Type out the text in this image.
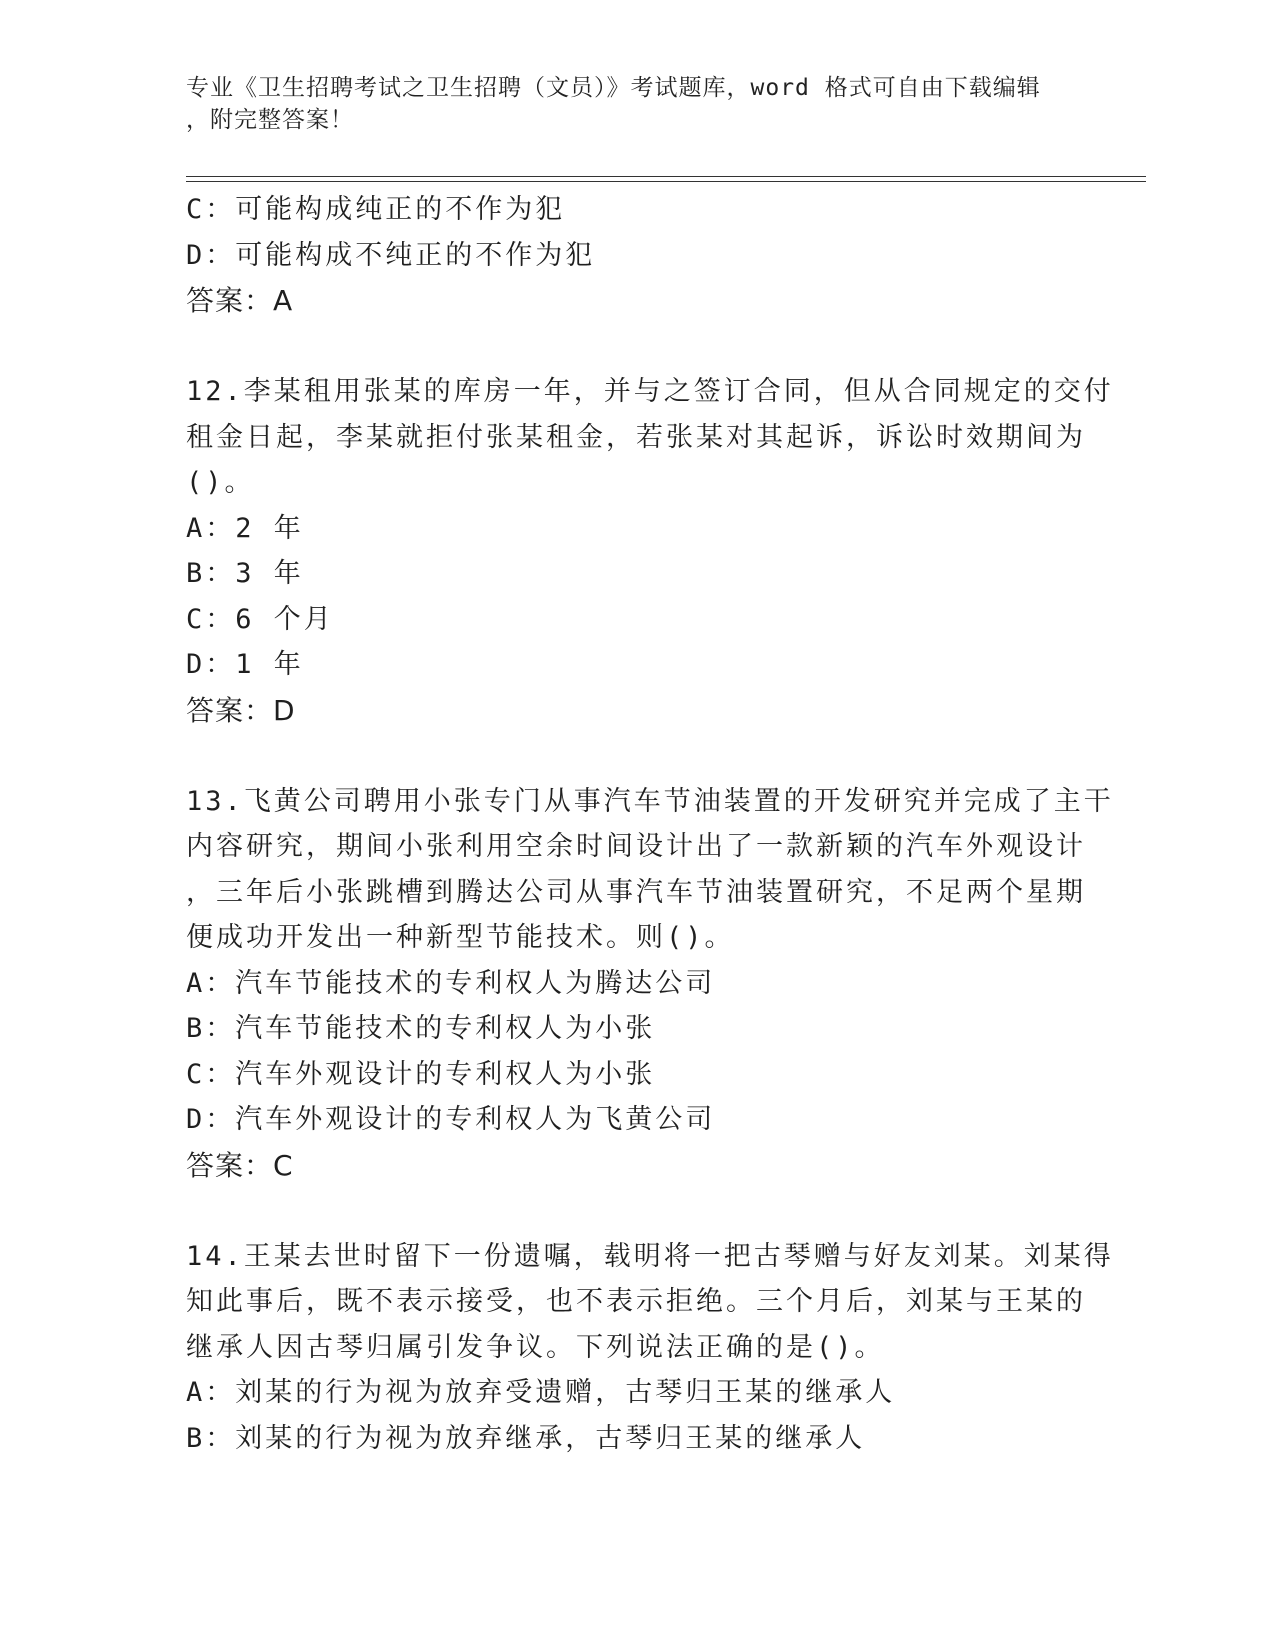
专业《卫生招聘考试之卫生招聘（文员）》考试题库，word 格式可自由下载编辑
，附完整答案！
C：可能构成纯正的不作为犯
D：可能构成不纯正的不作为犯
答案：A
12.李某租用张某的库房一年，并与之签订合同，但从合同规定的交付
租金日起，李某就拒付张某租金，若张某对其起诉，诉讼时效期间为
()。
A：2 年
B：3 年
C：6 个月
D：1 年
答案：D
13.飞黄公司聘用小张专门从事汽车节油装置的开发研究并完成了主干
内容研究，期间小张利用空余时间设计出了一款新颖的汽车外观设计
，三年后小张跳槽到腾达公司从事汽车节油装置研究，不足两个星期
便成功开发出一种新型节能技术。则()。
A：汽车节能技术的专利权人为腾达公司
B：汽车节能技术的专利权人为小张
C：汽车外观设计的专利权人为小张
D：汽车外观设计的专利权人为飞黄公司
答案：C
14.王某去世时留下一份遗嘱，载明将一把古琴赠与好友刘某。刘某得
知此事后，既不表示接受，也不表示拒绝。三个月后，刘某与王某的
继承人因古琴归属引发争议。下列说法正确的是()。
A：刘某的行为视为放弃受遗赠，古琴归王某的继承人
B：刘某的行为视为放弃继承，古琴归王某的继承人
